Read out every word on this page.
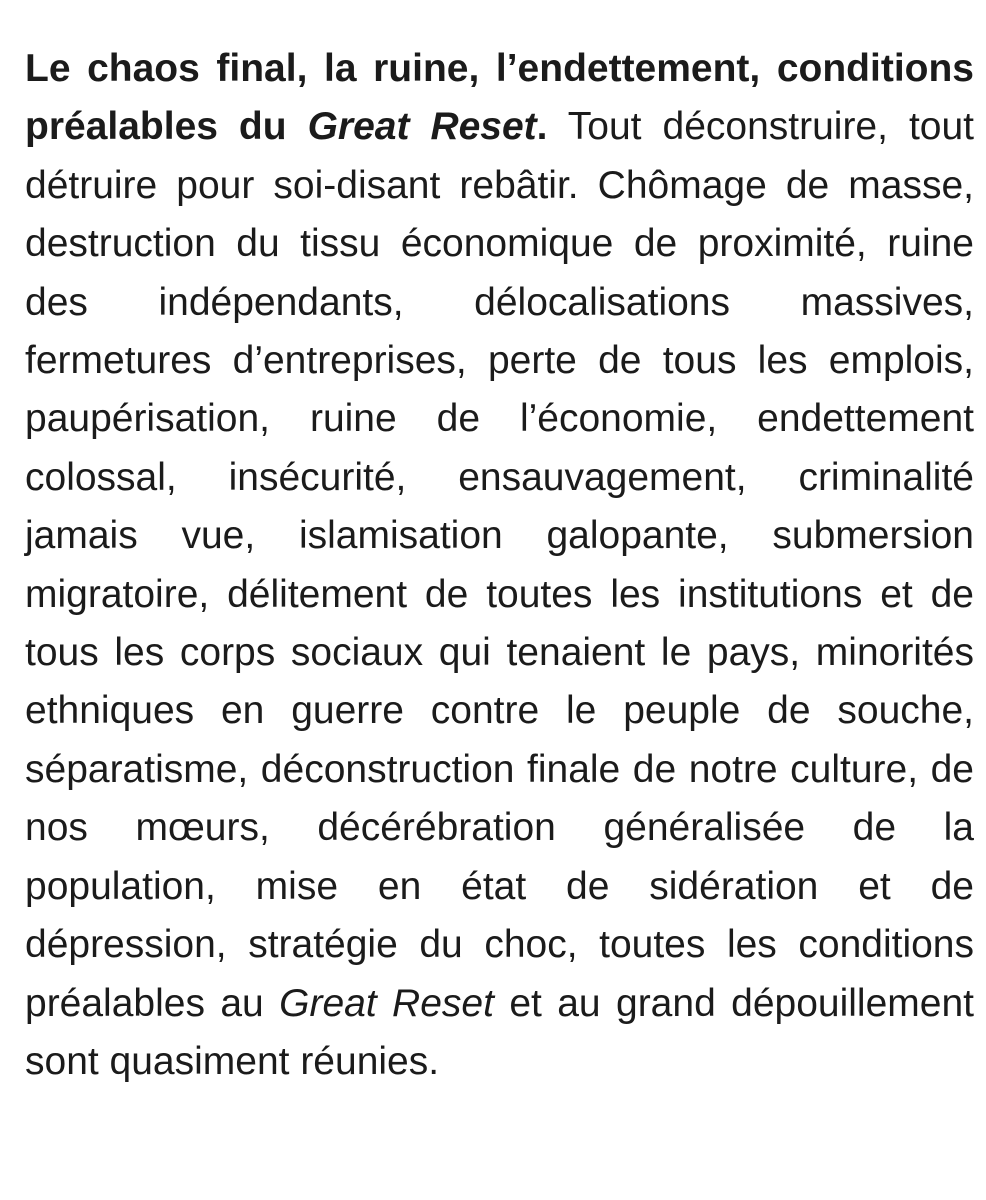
Le chaos final, la ruine, l’endettement, conditions préalables du Great Reset. Tout déconstruire, tout détruire pour soi-disant rebâtir. Chômage de masse, destruction du tissu économique de proximité, ruine des indépendants, délocalisations massives, fermetures d’entreprises, perte de tous les emplois, paupérisation, ruine de l’économie, endettement colossal, insécurité, ensauvagement, criminalité jamais vue, islamisation galopante, submersion migratoire, délitement de toutes les institutions et de tous les corps sociaux qui tenaient le pays, minorités ethniques en guerre contre le peuple de souche, séparatisme, déconstruction finale de notre culture, de nos mœurs, décérébration généralisée de la population, mise en état de sidération et de dépression, stratégie du choc, toutes les conditions préalables au Great Reset et au grand dépouillement sont quasiment réunies.
